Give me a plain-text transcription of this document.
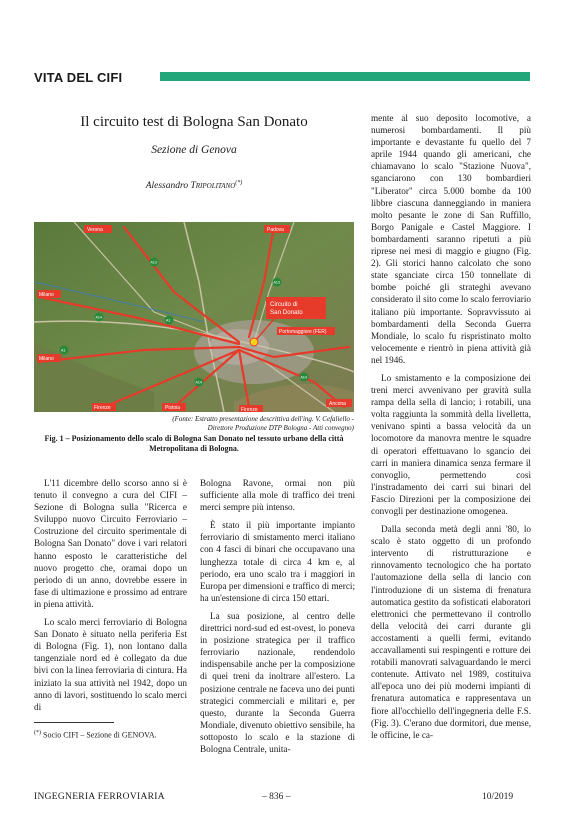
VITA DEL CIFI
Il circuito test di Bologna San Donato
Sezione di Genova
Alessandro Tripolitano(*)
Verona	Padova
Milano
Milano
Firenze	Pistoia	Firenze
Ancona
Portomaggiore (FER)
Circuito di San Donato
A13
A14
A1
A1
A14
A14
A13
(Fonte: Estratto presentazione descrittiva dell'ing. V. Cefaliello -
Direttore Produzione DTP Bologna - Atti convegno)
Fig. 1 – Posizionamento dello scalo di Bologna San Donato nel tessuto urbano della città Metropolitana di Bologna.

L'11 dicembre dello scorso anno si è tenuto il convegno a cura del CIFI – Sezione di Bologna sulla "Ricerca e Sviluppo nuovo Circuito Ferroviario – Costruzione del circuito sperimentale di Bologna San Donato" dove i vari relatori hanno esposto le caratteristiche del nuovo progetto che, oramai dopo un periodo di un anno, dovrebbe essere in fase di ultimazione e prossimo ad entrare in piena attività.

Lo scalo merci ferroviario di Bologna San Donato è situato nella periferia Est di Bologna (Fig. 1), non lontano dalla tangenziale nord ed è collegato da due bivi con la linea ferroviaria di cintura. Ha iniziato la sua attività nel 1942, dopo un anno di lavori, sostituendo lo scalo merci di

Bologna Ravone, ormai non più sufficiente alla mole di traffico dei treni merci sempre più intenso.

È stato il più importante impianto ferroviario di smistamento merci italiano con 4 fasci di binari che occupavano una lunghezza totale di circa 4 km e, al periodo, era uno scalo tra i maggiori in Europa per dimensioni e traffico di merci; ha un'estensione di circa 150 ettari.

La sua posizione, al centro delle direttrici nord-sud ed est-ovest, lo poneva in posizione strategica per il traffico ferroviario nazionale, rendendolo indispensabile anche per la composizione di quei treni da inoltrare all'estero. La posizione centrale ne faceva uno dei punti strategici commerciali e militari e, per questo, durante la Seconda Guerra Mondiale, divenuto obiettivo sensibile, ha sottoposto lo scalo e la stazione di Bologna Centrale, unita-

mente al suo deposito locomotive, a numerosi bombardamenti. Il più importante e devastante fu quello del 7 aprile 1944 quando gli americani, che chiamavano lo scalo "Stazione Nuova", sganciarono con 130 bombardieri "Liberator" circa 5.000 bombe da 100 libbre ciascuna danneggiando in maniera molto pesante le zone di San Ruffillo, Borgo Panigale e Castel Maggiore. I bombardamenti saranno ripetuti a più riprese nei mesi di maggio e giugno (Fig. 2). Gli storici hanno calcolato che sono state sganciate circa 150 tonnellate di bombe poiché gli strateghi avevano considerato il sito come lo scalo ferroviario italiano più importante. Sopravvissuto ai bombardamenti della Seconda Guerra Mondiale, lo scalo fu rispristinato molto velocemente e rientrò in piena attività già nel 1946.

Lo smistamento e la composizione dei treni merci avvenivano per gravità sulla rampa della sella di lancio; i rotabili, una volta raggiunta la sommità della livelletta, venivano spinti a bassa velocità da un locomotore da manovra mentre le squadre di operatori effettuavano lo sgancio dei carri in maniera dinamica senza fermare il convoglio, permettendo così l'instradamento dei carri sui binari del Fascio Direzioni per la composizione dei convogli per destinazione omogenea.

Dalla seconda metà degli anni '80, lo scalo è stato oggetto di un profondo intervento di ristrutturazione e rinnovamento tecnologico che ha portato l'automazione della sella di lancio con l'introduzione di un sistema di frenatura automatica gestito da sofisticati elaboratori elettronici che permettevano il controllo della velocità dei carri durante gli accostamenti a quelli fermi, evitando accavallamenti sui respingenti e rotture dei rotabili manovrati salvaguardando le merci contenute. Attivato nel 1989, costituiva all'epoca uno dei più moderni impianti di frenatura automatica e rappresentava un fiore all'occhiello dell'ingegneria delle F.S. (Fig. 3). C'erano due dormitori, due mense, le officine, le ca-

(*) Socio CIFI – Sezione di GENOVA.
INGEGNERIA FERROVIARIA	– 836 –	10/2019
